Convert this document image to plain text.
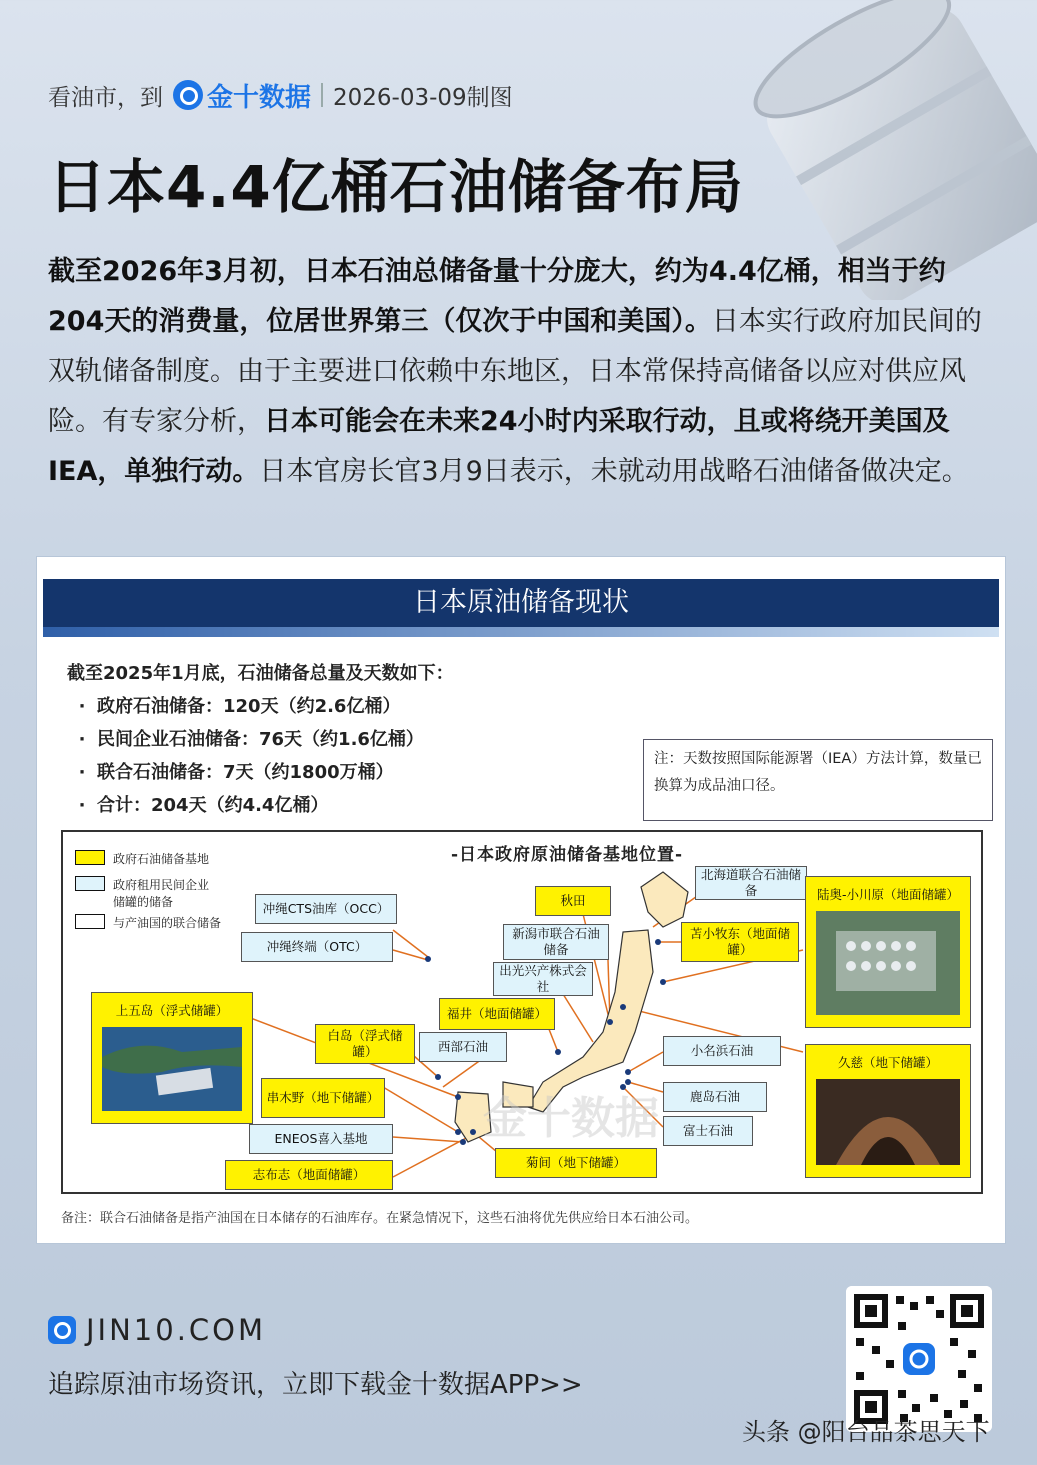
看油市，到 金十数据 2026-03-09制图
日本4.4亿桶石油储备布局
截至2026年3月初，日本石油总储备量十分庞大，约为4.4亿桶，相当于约204天的消费量，位居世界第三（仅次于中国和美国）。日本实行政府加民间的双轨储备制度。由于主要进口依赖中东地区，日本常保持高储备以应对供应风险。有专家分析，日本可能会在未来24小时内采取行动，且或将绕开美国及IEA，单独行动。日本官房长官3月9日表示，未就动用战略石油储备做决定。
日本原油储备现状
截至2025年1月底，石油储备总量及天数如下：
· 政府石油储备：120天（约2.6亿桶）
· 民间企业石油储备：76天（约1.6亿桶）
· 联合石油储备：7天（约1800万桶）
· 合计：204天（约4.4亿桶）
注：天数按照国际能源署（IEA）方法计算，数量已换算为成品油口径。
-日本政府原油储备基地位置-
政府石油储备基地
政府租用民间企业储罐的储备
与产油国的联合储备
金十数据
冲绳CTS油库（OCC）
冲绳终端（OTC）
秋田
新潟市联合石油储备
出光兴产株式会社
北海道联合石油储备
苫小牧东（地面储罐）
福井（地面储罐）
白岛（浮式储罐）	西部石油	小名浜石油
串木野（地下储罐）	鹿岛石油
ENEOS喜入基地
富士石油
菊间（地下储罐）
志布志（地面储罐）
上五岛（浮式储罐）
陆奥-小川原（地面储罐）
久慈（地下储罐）
备注：联合石油储备是指产油国在日本储存的石油库存。在紧急情况下，这些石油将优先供应给日本石油公司。
JIN10.COM
追踪原油市场资讯，立即下载金十数据APP>>
头条 @阳台品茶思天下
